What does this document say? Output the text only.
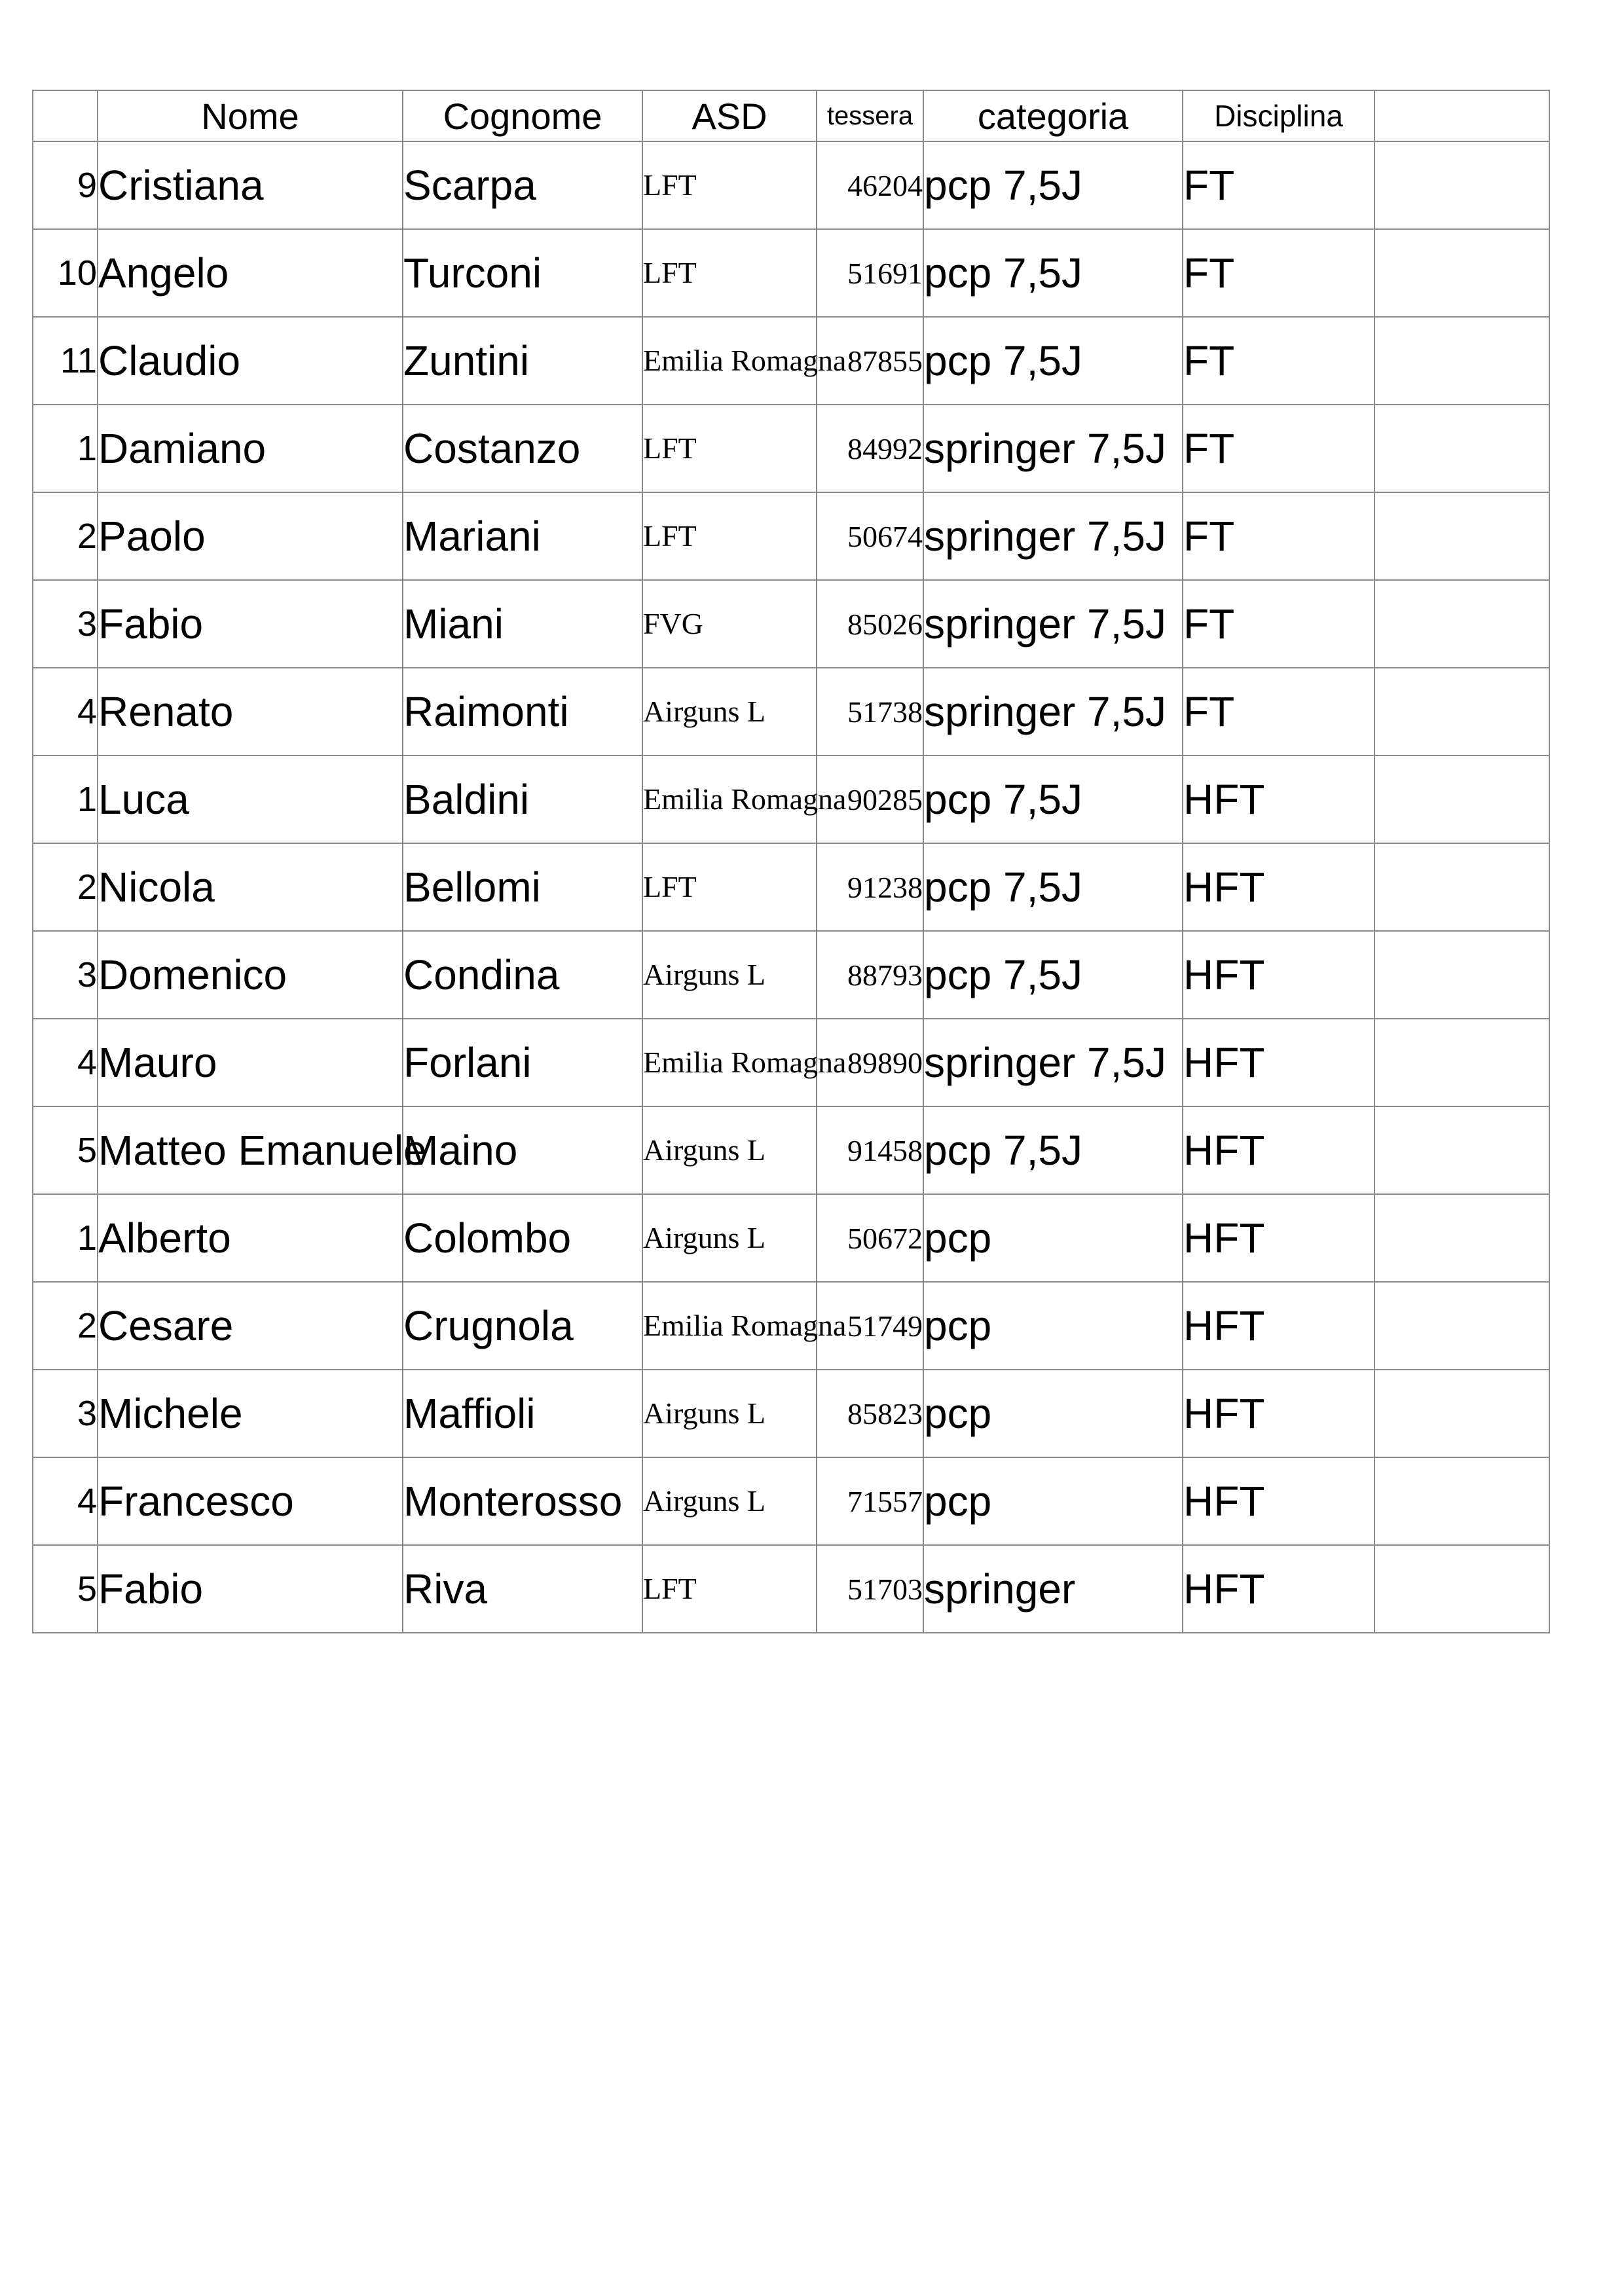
	Nome	Cognome	ASD	tessera	categoria	Disciplina	
9	Cristiana	Scarpa	LFT	46204	pcp 7,5J	FT	
10	Angelo	Turconi	LFT	51691	pcp 7,5J	FT	
11	Claudio	Zuntini	Emilia Romagna	87855	pcp 7,5J	FT	
1	Damiano	Costanzo	LFT	84992	springer 7,5J	FT	
2	Paolo	Mariani	LFT	50674	springer 7,5J	FT	
3	Fabio	Miani	FVG	85026	springer 7,5J	FT	
4	Renato	Raimonti	Airguns L	51738	springer 7,5J	FT	
1	Luca	Baldini	Emilia Romagna	90285	pcp 7,5J	HFT	
2	Nicola	Bellomi	LFT	91238	pcp 7,5J	HFT	
3	Domenico	Condina	Airguns L	88793	pcp 7,5J	HFT	
4	Mauro	Forlani	Emilia Romagna	89890	springer 7,5J	HFT	
5	Matteo Emanuele	Maino	Airguns L	91458	pcp 7,5J	HFT	
1	Alberto	Colombo	Airguns L	50672	pcp	HFT	
2	Cesare	Crugnola	Emilia Romagna	51749	pcp	HFT	
3	Michele	Maffioli	Airguns L	85823	pcp	HFT	
4	Francesco	Monterosso	Airguns L	71557	pcp	HFT	
5	Fabio	Riva	LFT	51703	springer	HFT	
